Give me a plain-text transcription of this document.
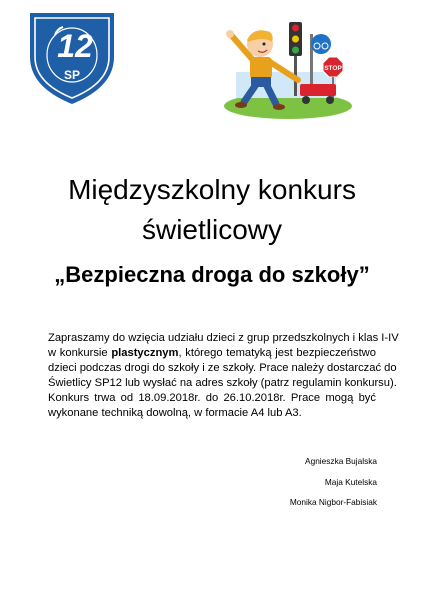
12
SP	STOP
Międzyszkolny konkurs
świetlicowy
„Bezpieczna droga do szkoły”
Zapraszamy do wzięcia udziału dzieci z grup przedszkolnych i klas I-IV
w konkursie plastycznym, którego tematyką jest bezpieczeństwo
dzieci podczas drogi do szkoły i ze szkoły. Prace należy dostarczać do
Świetlicy SP12 lub wysłać na adres szkoły (patrz regulamin konkursu).
Konkurs trwa od 18.09.2018r. do 26.10.2018r. Prace mogą być
wykonane techniką dowolną, w formacie A4 lub A3.
Agnieszka Bujalska
Maja Kutelska
Monika Nigbor-Fabisiak
